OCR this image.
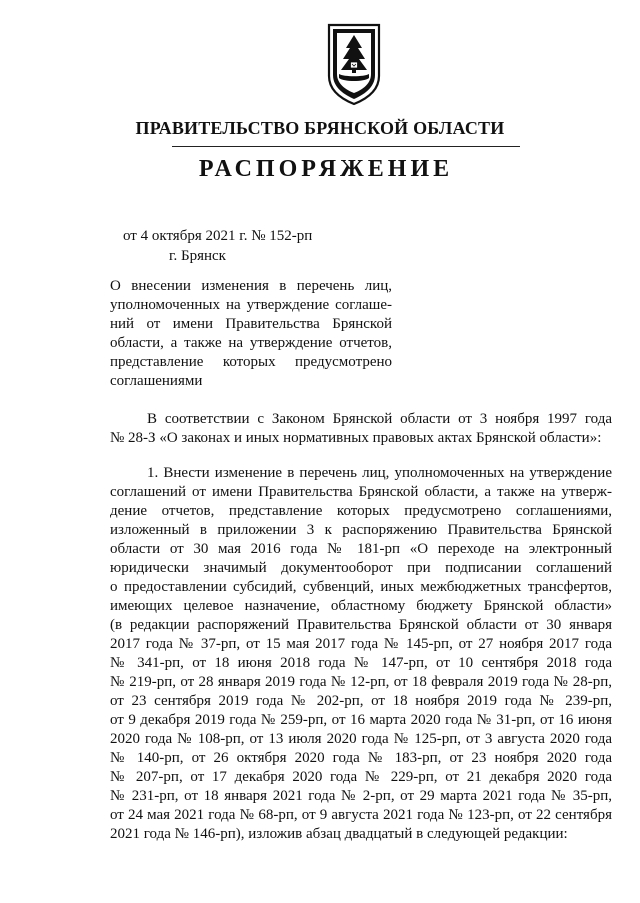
ПРАВИТЕЛЬСТВО БРЯНСКОЙ ОБЛАСТИ
РАСПОРЯЖЕНИЕ
от 4 октября 2021 г. № 152-рп
г. Брянск
О внесении изменения в перечень лиц,
уполномоченных на утверждение соглаше-
ний от имени Правительства Брянской
области, а также на утверждение отчетов,
представление которых предусмотрено
соглашениями
В соответствии с Законом Брянской области от 3 ноября 1997 года
№ 28-З «О законах и иных нормативных правовых актах Брянской области»:
1. Внести изменение в перечень лиц, уполномоченных на утверждение
соглашений от имени Правительства Брянской области, а также на утверж-
дение отчетов, представление которых предусмотрено соглашениями,
изложенный в приложении 3 к распоряжению Правительства Брянской
области от 30 мая 2016 года № 181-рп «О переходе на электронный
юридически значимый документооборот при подписании соглашений
о предоставлении субсидий, субвенций, иных межбюджетных трансфертов,
имеющих целевое назначение, областному бюджету Брянской области»
(в редакции распоряжений Правительства Брянской области от 30 января
2017 года № 37-рп, от 15 мая 2017 года № 145-рп, от 27 ноября 2017 года
№ 341-рп, от 18 июня 2018 года № 147-рп, от 10 сентября 2018 года
№ 219-рп, от 28 января 2019 года № 12-рп, от 18 февраля 2019 года № 28-рп,
от 23 сентября 2019 года № 202-рп, от 18 ноября 2019 года № 239-рп,
от 9 декабря 2019 года № 259-рп, от 16 марта 2020 года № 31-рп, от 16 июня
2020 года № 108-рп, от 13 июля 2020 года № 125-рп, от 3 августа 2020 года
№ 140-рп, от 26 октября 2020 года № 183-рп, от 23 ноября 2020 года
№ 207-рп, от 17 декабря 2020 года № 229-рп, от 21 декабря 2020 года
№ 231-рп, от 18 января 2021 года № 2-рп, от 29 марта 2021 года № 35-рп,
от 24 мая 2021 года № 68-рп, от 9 августа 2021 года № 123-рп, от 22 сентября
2021 года № 146-рп), изложив абзац двадцатый в следующей редакции:
